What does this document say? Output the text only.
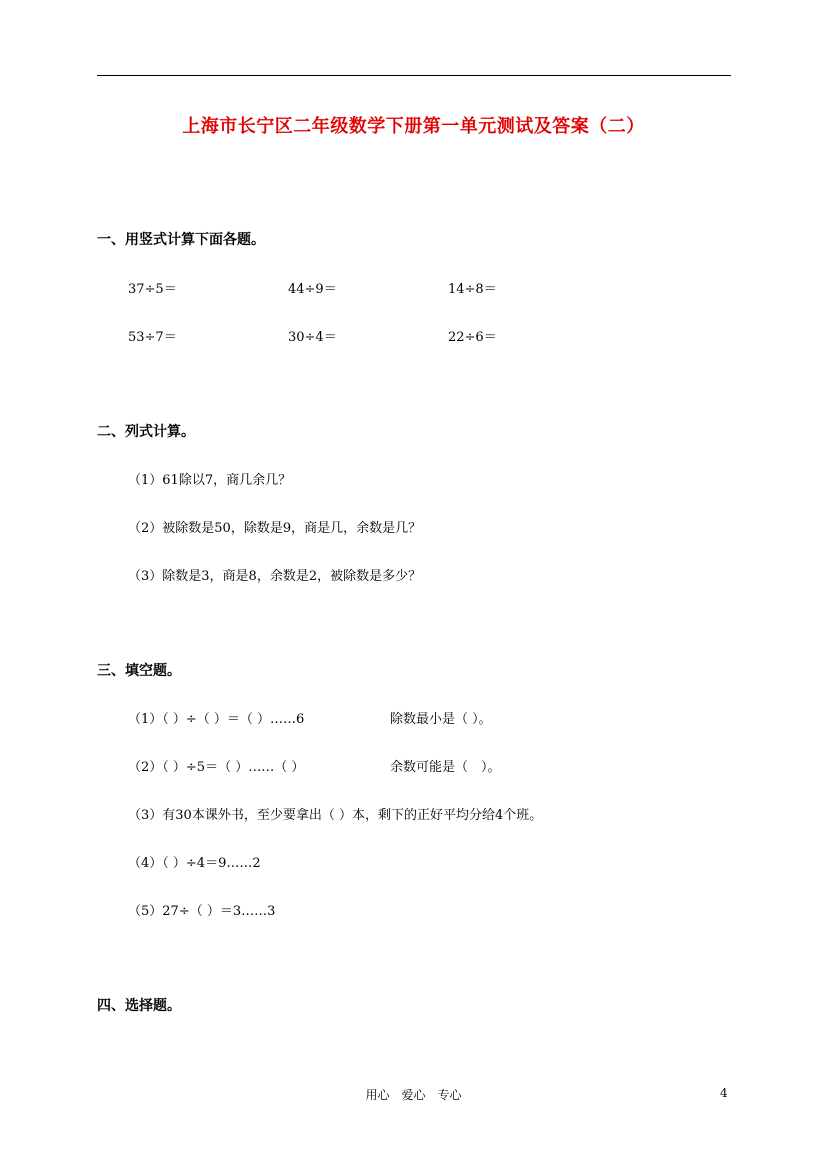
上海市长宁区二年级数学下册第一单元测试及答案（二）
一、用竖式计算下面各题。
37÷5＝	44÷9＝	14÷8＝
53÷7＝	30÷4＝	22÷6＝
二、列式计算。
（1）61除以7，商几余几？
（2）被除数是50，除数是9，商是几，余数是几？
（3）除数是3，商是8，余数是2，被除数是多少？
三、填空题。
（1）（ ）÷（ ）＝（ ）……6	除数最小是（ ）。
（2）（ ）÷5＝（ ）……（ ）	余数可能是（　）。
（3）有30本课外书，至少要拿出（ ）本，剩下的正好平均分给4个班。
（4）（ ）÷4＝9……2
（5）27÷（ ）＝3……3
四、选择题。
用心　爱心　专心	4
